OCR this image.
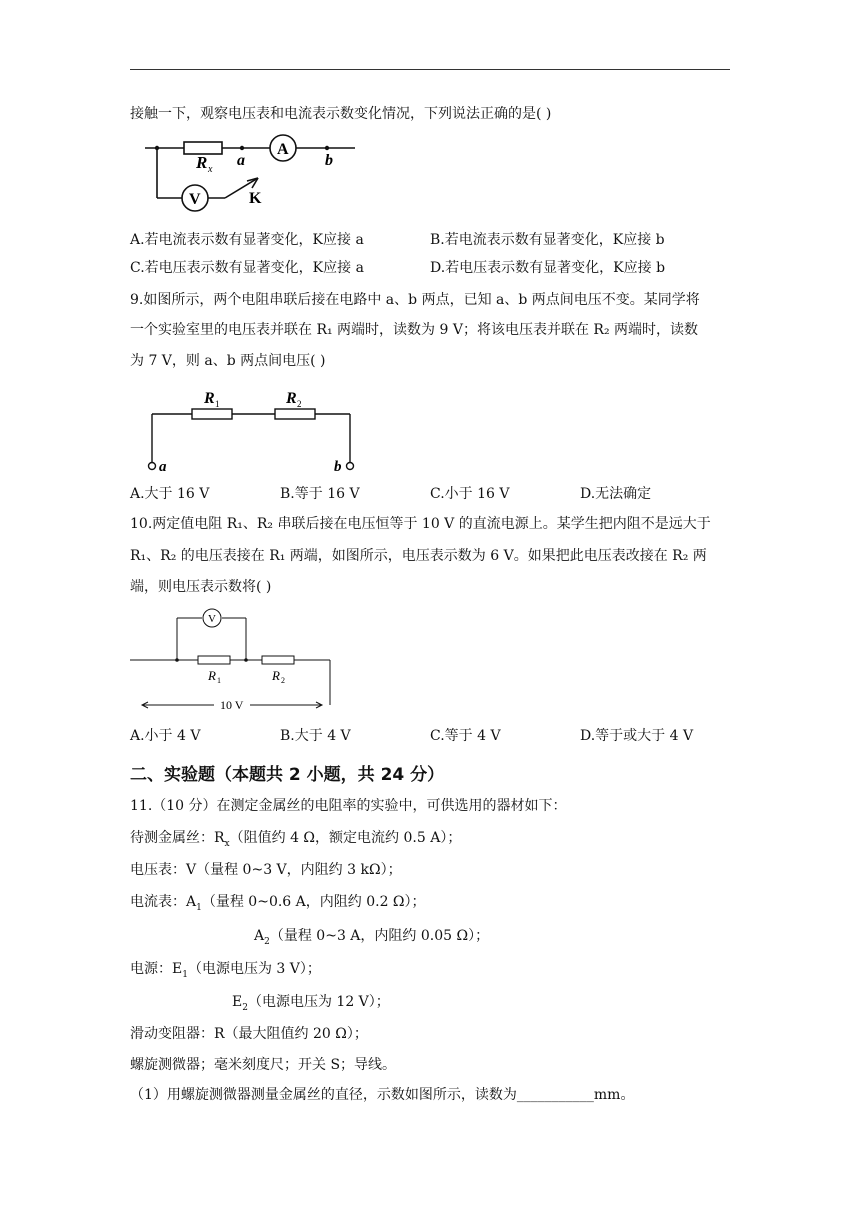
接触一下，观察电压表和电流表示数变化情况，下列说法正确的是( )
R x
a
A
b
V	K
A.若电流表示数有显著变化，K应接 a	B.若电流表示数有显著变化，K应接 b
C.若电压表示数有显著变化，K应接 a	D.若电压表示数有显著变化，K应接 b
9.如图所示，两个电阻串联后接在电路中 a、b 两点，已知 a、b 两点间电压不变。某同学将
一个实验室里的电压表并联在 R₁ 两端时，读数为 9 V；将该电压表并联在 R₂ 两端时，读数
为 7 V，则 a、b 两点间电压( )
R 1	R 2
a	b
A.大于 16 V	B.等于 16 V	C.小于 16 V	D.无法确定
10.两定值电阻 R₁、R₂ 串联后接在电压恒等于 10 V 的直流电源上。某学生把内阻不是远大于
R₁、R₂ 的电压表接在 R₁ 两端，如图所示，电压表示数为 6 V。如果把此电压表改接在 R₂ 两
端，则电压表示数将( )
V
R 1	R 2
10 V
A.小于 4 V	B.大于 4 V	C.等于 4 V	D.等于或大于 4 V
二、实验题（本题共 2 小题，共 24 分）
11.（10 分）在测定金属丝的电阻率的实验中，可供选用的器材如下：
待测金属丝：$R_x$（阻值约 4 Ω，额定电流约 0.5 A）；
电压表：V（量程 0~3 V，内阻约 3 kΩ）；
电流表：$A_1$（量程 0~0.6 A，内阻约 0.2 Ω）；
$A_2$（量程 0~3 A，内阻约 0.05 Ω）；
电源：$E_1$（电源电压为 3 V）；
$E_2$（电源电压为 12 V）；
滑动变阻器：R（最大阻值约 20 Ω）；
螺旋测微器；毫米刻度尺；开关 S；导线。
（1）用螺旋测微器测量金属丝的直径，示数如图所示，读数为___________mm。
